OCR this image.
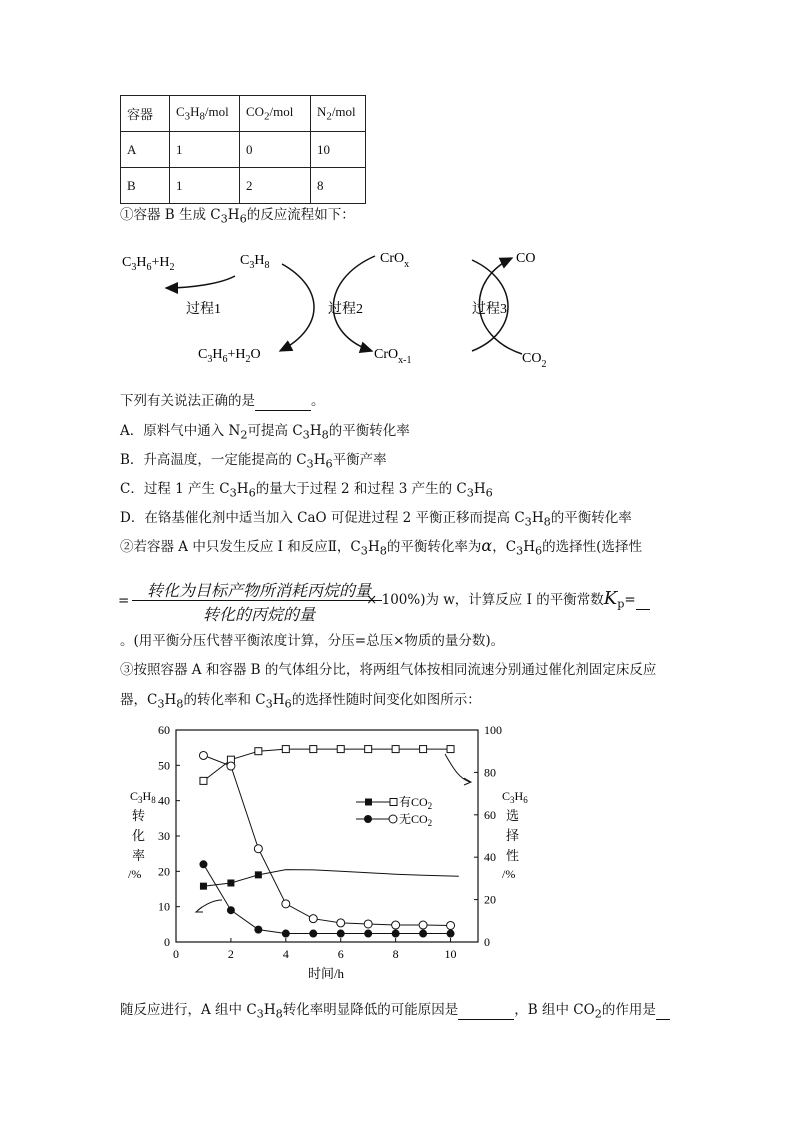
容器	$C_3H_8$/mol	$CO_2$/mol	$N_2$/mol
A	1	0	10
B	1	2	8
①容器 B 生成 $C_3H_6$的反应流程如下：
$C_3H_6+H_2$	$C_3H_8$	CrO$_x$	CO
过程1	过程2	过程3
$C_3H_6+H_2O$	CrO$_{x-1}$	$CO_2$
下列有关说法正确的是	。
A．原料气中通入 $N_2$可提高 $C_3H_8$的平衡转化率
B．升高温度，一定能提高的 $C_3H_6$平衡产率
C．过程 1 产生 $C_3H_6$的量大于过程 2 和过程 3 产生的 $C_3H_6$
D．在铬基催化剂中适当加入 CaO 可促进过程 2 平衡正移而提高 $C_3H_8$的平衡转化率
②若容器 A 中只发生反应 Ⅰ 和反应Ⅱ，$C_3H_8$的平衡转化率为α，$C_3H_6$的选择性(选择性
=
转化为目标产物所消耗丙烷的量
转化的丙烷的量
× 100%)为 w，计算反应 Ⅰ 的平衡常数$K_p=$
。(用平衡分压代替平衡浓度计算，分压=总压×物质的量分数)。
③按照容器 A 和容器 B 的气体组分比，将两组气体按相同流速分别通过催化剂固定床反应
器，$C_3H_8$的转化率和 $C_3H_6$的选择性随时间变化如图所示：
$C_3H_8$
转
化
率
/%
$C_3H_6$
选
择
性
/%
时间/h
有$CO_2$
无$CO_2$
0	2	4	6	8	10
0
10
20
30
40
50
60
0
20
40
60
80
100
随反应进行，A 组中 $C_3H_8$转化率明显降低的可能原因是	，B 组中 $CO_2$的作用是
